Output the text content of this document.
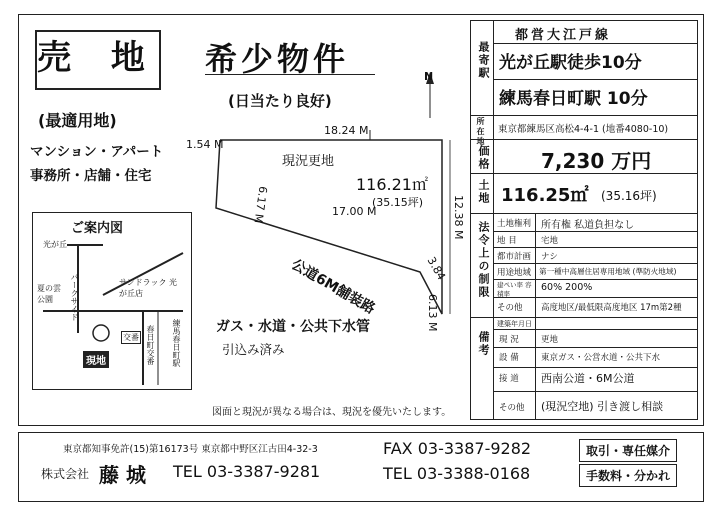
売 地 希少物件
(日当たり良好)
(最適用地)
マンション・アパート
事務所・店舗・住宅
18.24 M
1.54 M
N
12.38 M
6.17 M	17.00 M
3.84
6.13 M
現況更地
116.21㎡
(35.15坪)
公道6M舗装路
ガス・水道・公共下水管
引込み済み
図面と現況が異なる場合は、現況を優先いたします。
ご案内図
光が丘
パークサイド	サンドラック 光が丘店
夏の雲公園
現地	練馬春日町駅
春日町交番
交番
最寄駅
都営大江戸線
光が丘駅徒歩10分
練馬春日町駅 10分
所在地 東京都練馬区高松4-4-1 (地番4080-10)
価格	7,230 万円
土地 116.25㎡ (35.16坪)
法令上の制限 土地権利 所有権 私道負担なし
地 目	宅地
都市計画 ナシ
用途地域 第一種中高層住居専用地域 (準防火地域)
建ぺい率 容積率
60% 200%
その他 高度地区/最低限高度地区 17m第2種
備考
建築年月日
現 況	更地
設 備	東京ガス・公営水道・公共下水
接 道 西南公道・6M公道
その他 (現況空地) 引き渡し相談
東京都知事免許(15)第16173号 東京都中野区江古田4-32-3
株式会社 藤 城 TEL 03-3387-9281
FAX 03-3387-9282
TEL 03-3388-0168
取引・専任媒介
手数料・分かれ
